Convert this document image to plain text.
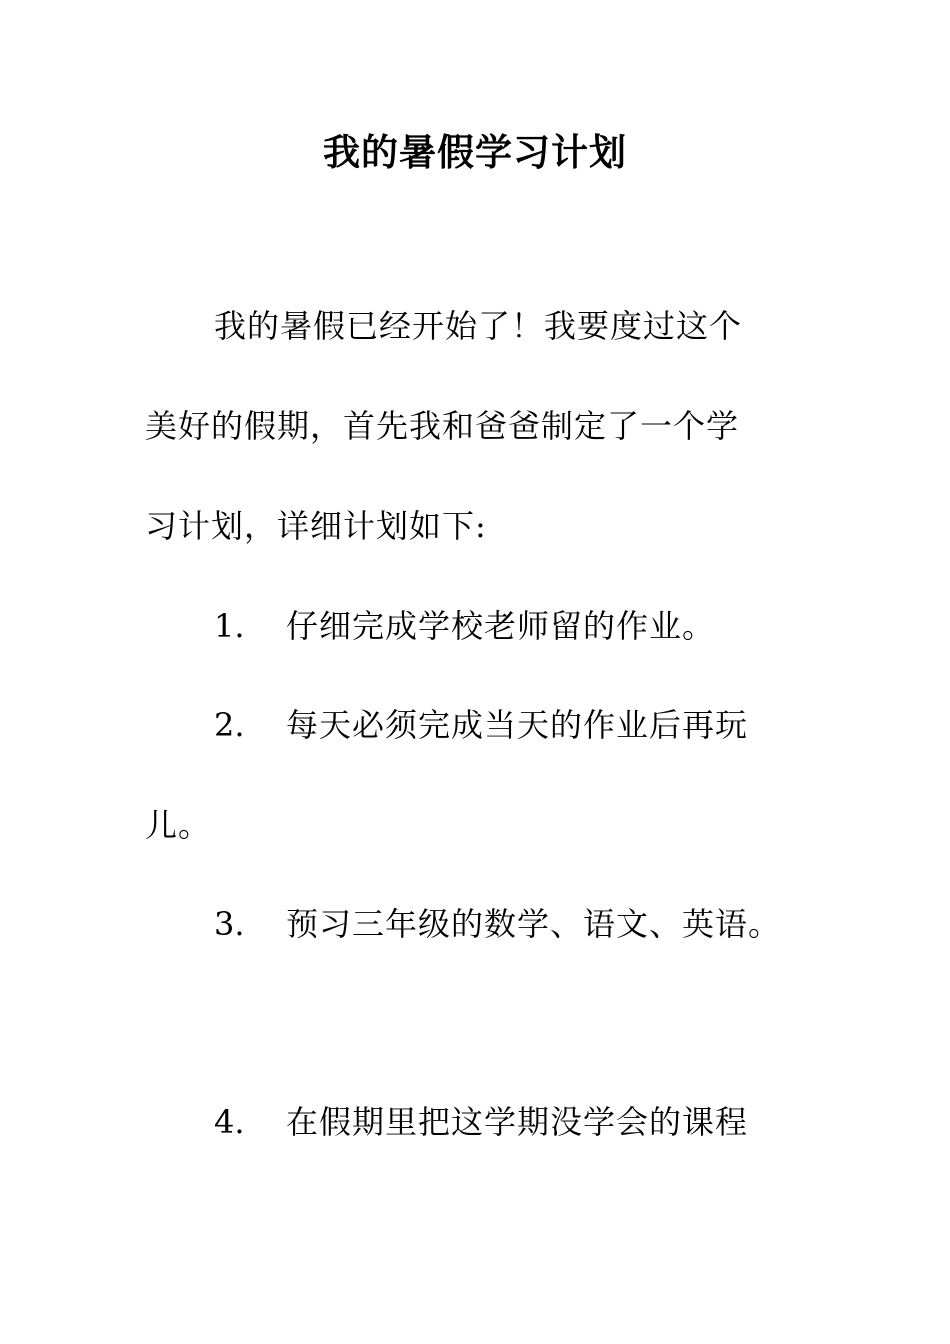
我的暑假学习计划
我的暑假已经开始了！我要度过这个
美好的假期，首先我和爸爸制定了一个学
习计划，详细计划如下:
1. 仔细完成学校老师留的作业。
2. 每天必须完成当天的作业后再玩
儿。
3. 预习三年级的数学、语文、英语。
4. 在假期里把这学期没学会的课程
